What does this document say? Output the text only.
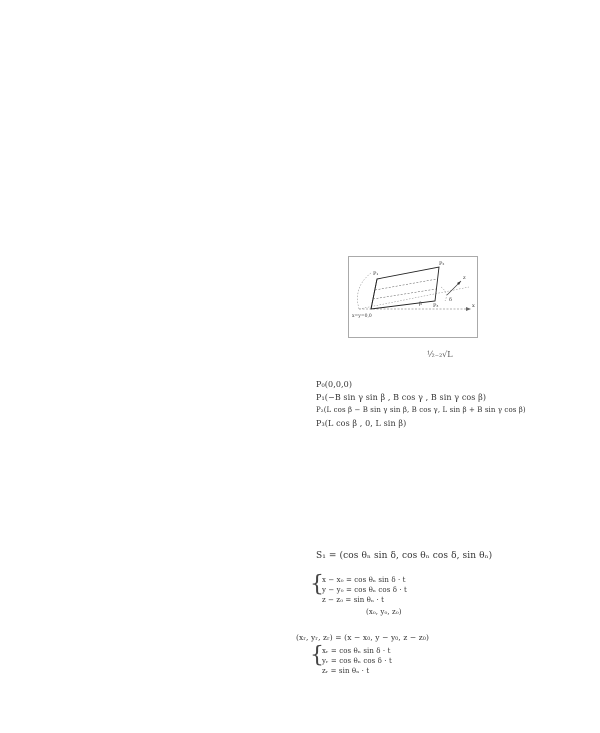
P₁
P₂
P₃
x=y=0,0
x
z
β
δ
½₋₂√L
P₀(0,0,0)
P₁(−B sin γ sin β , B cos γ , B sin γ cos β)
P₂(L cos β − B sin γ sin β, B cos γ, L sin β + B sin γ cos β)
P₃(L cos β , 0, L sin β)
S₁ = (cos θₙ sin δ, cos θₙ cos δ, sin θₙ)
{
x − x₀ = cos θₙ sin δ · t
y − y₀ = cos θₙ cos δ · t
z − z₀ = sin θₙ · t
(x₀, y₀, z₀)
(xᵣ, yᵣ, zᵣ) = (x − x₀, y − y₀, z − z₀)
{
xᵣ = cos θₙ sin δ · t
yᵣ = cos θₙ cos δ · t
zᵣ = sin θₙ · t
